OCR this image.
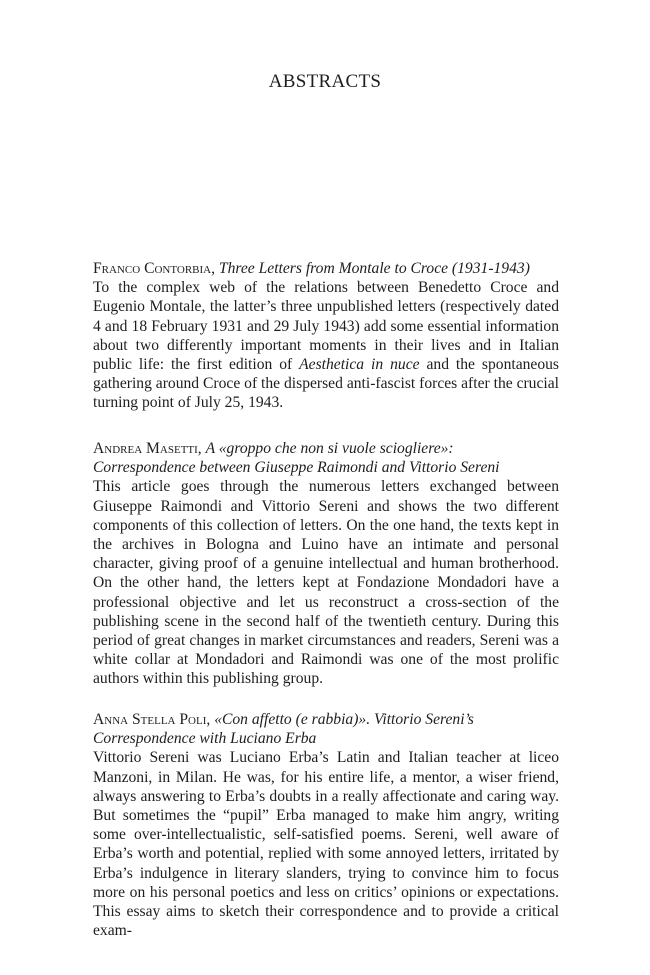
ABSTRACTS
Franco Contorbia, Three Letters from Montale to Croce (1931-1943)
To the complex web of the relations between Benedetto Croce and Eugenio Montale, the latter’s three unpublished letters (respectively dated 4 and 18 February 1931 and 29 July 1943) add some essential information about two differently important moments in their lives and in Italian public life: the first edition of Aesthetica in nuce and the spontaneous gathering around Croce of the dispersed anti-fascist forces after the crucial turning point of July 25, 1943.
Andrea Masetti, A «groppo che non si vuole sciogliere»: Correspondence between Giuseppe Raimondi and Vittorio Sereni
This article goes through the numerous letters exchanged between Giuseppe Raimondi and Vittorio Sereni and shows the two different components of this collection of letters. On the one hand, the texts kept in the archives in Bologna and Luino have an intimate and personal character, giving proof of a genuine intellectual and human brotherhood. On the other hand, the letters kept at Fondazione Mondadori have a professional objective and let us reconstruct a cross-section of the publishing scene in the second half of the twentieth century. During this period of great changes in market circumstances and readers, Sereni was a white collar at Mondadori and Raimondi was one of the most prolific authors within this publishing group.
Anna Stella Poli, «Con affetto (e rabbia)». Vittorio Sereni’s Correspondence with Luciano Erba
Vittorio Sereni was Luciano Erba’s Latin and Italian teacher at liceo Manzoni, in Milan. He was, for his entire life, a mentor, a wiser friend, always answering to Erba’s doubts in a really affectionate and caring way. But sometimes the “pupil” Erba managed to make him angry, writing some over-intellectualistic, self-satisfied poems. Sereni, well aware of Erba’s worth and potential, replied with some annoyed letters, irritated by Erba’s indulgence in literary slanders, trying to convince him to focus more on his personal poetics and less on critics’ opinions or expectations. This essay aims to sketch their correspondence and to provide a critical exam-
